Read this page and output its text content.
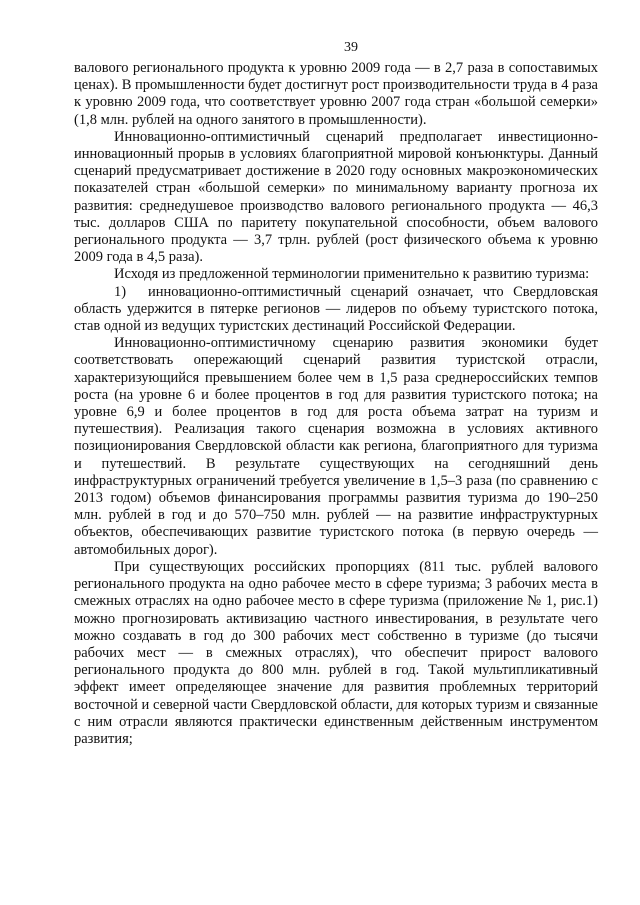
39

валового регионального продукта к уровню 2009 года — в 2,7 раза в сопоставимых ценах). В промышленности будет достигнут рост производительности труда в 4 раза к уровню 2009 года, что соответствует уровню 2007 года стран «большой семерки» (1,8 млн. рублей на одного занятого в промышленности).

Инновационно-оптимистичный сценарий предполагает инвестиционно-инновационный прорыв в условиях благоприятной мировой конъюнктуры. Данный сценарий предусматривает достижение в 2020 году основных макроэкономических показателей стран «большой семерки» по минимальному варианту прогноза их развития: среднедушевое производство валового регионального продукта — 46,3 тыс. долларов США по паритету покупательной способности, объем валового регионального продукта — 3,7 трлн. рублей (рост физического объема к уровню 2009 года в 4,5 раза).

Исходя из предложенной терминологии применительно к развитию туризма:

1) инновационно-оптимистичный сценарий означает, что Свердловская область удержится в пятерке регионов — лидеров по объему туристского потока, став одной из ведущих туристских дестинаций Российской Федерации.

Инновационно-оптимистичному сценарию развития экономики будет соответствовать опережающий сценарий развития туристской отрасли, характеризующийся превышением более чем в 1,5 раза среднероссийских темпов роста (на уровне 6 и более процентов в год для развития туристского потока; на уровне 6,9 и более процентов в год для роста объема затрат на туризм и путешествия). Реализация такого сценария возможна в условиях активного позиционирования Свердловской области как региона, благоприятного для туризма и путешествий. В результате существующих на сегодняшний день инфраструктурных ограничений требуется увеличение в 1,5–3 раза (по сравнению с 2013 годом) объемов финансирования программы развития туризма до 190–250 млн. рублей в год и до 570–750 млн. рублей — на развитие инфраструктурных объектов, обеспечивающих развитие туристского потока (в первую очередь — автомобильных дорог).

При существующих российских пропорциях (811 тыс. рублей валового регионального продукта на одно рабочее место в сфере туризма; 3 рабочих места в смежных отраслях на одно рабочее место в сфере туризма (приложение № 1, рис.1) можно прогнозировать активизацию частного инвестирования, в результате чего можно создавать в год до 300 рабочих мест собственно в туризме (до тысячи рабочих мест — в смежных отраслях), что обеспечит прирост валового регионального продукта до 800 млн. рублей в год. Такой мультипликативный эффект имеет определяющее значение для развития проблемных территорий восточной и северной части Свердловской области, для которых туризм и связанные с ним отрасли являются практически единственным действенным инструментом развития;
